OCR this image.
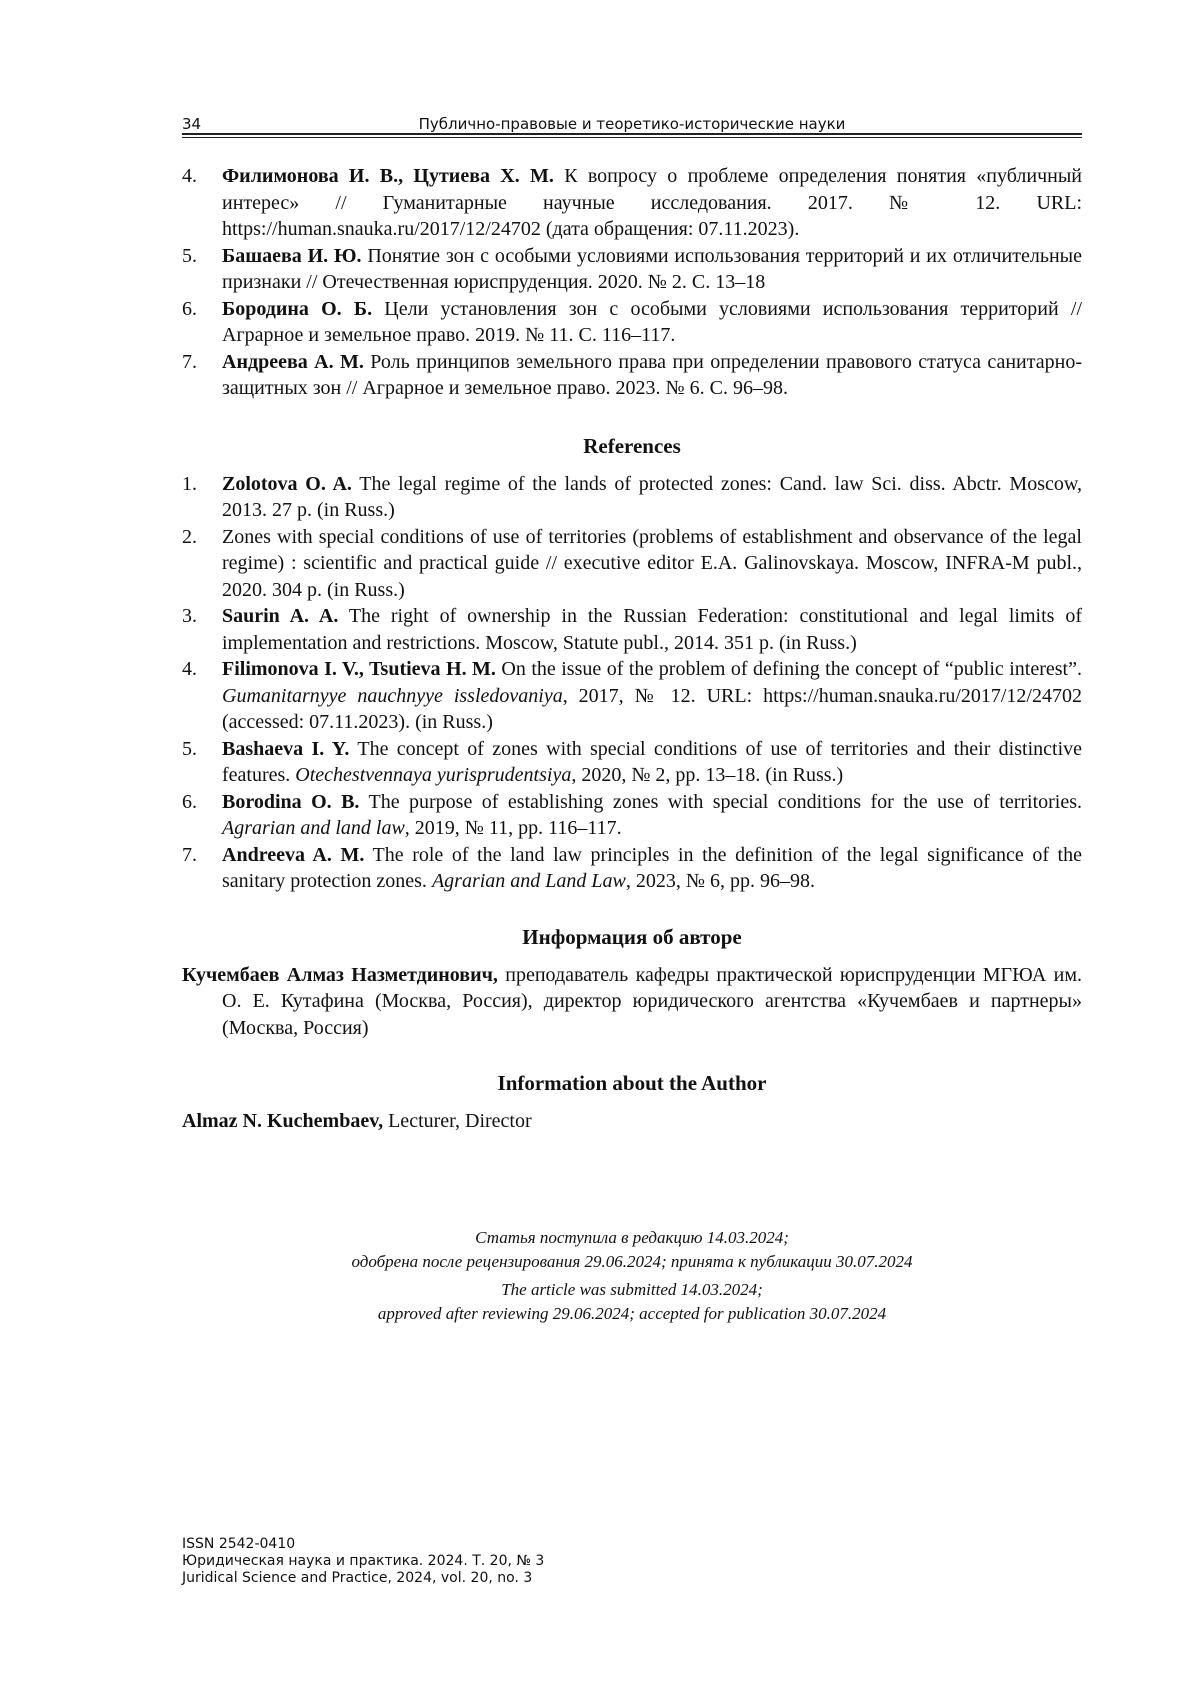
34	Публично-правовые и теоретико-исторические науки
4. Филимонова И. В., Цутиева Х. М. К вопросу о проблеме определения понятия «публичный интерес» // Гуманитарные научные исследования. 2017. № 12. URL: https://human.snauka.ru/2017/12/24702 (дата обращения: 07.11.2023).
5. Башаева И. Ю. Понятие зон с особыми условиями использования территорий и их отличительные признаки // Отечественная юриспруденция. 2020. № 2. С. 13–18
6. Бородина О. Б. Цели установления зон с особыми условиями использования территорий // Аграрное и земельное право. 2019. № 11. С. 116–117.
7. Андреева А. М. Роль принципов земельного права при определении правового статуса санитарно-защитных зон // Аграрное и земельное право. 2023. № 6. С. 96–98.
References
1. Zolotova O. A. The legal regime of the lands of protected zones: Cand. law Sci. diss. Abctr. Moscow, 2013. 27 p. (in Russ.)
2. Zones with special conditions of use of territories (problems of establishment and observance of the legal regime) : scientific and practical guide // executive editor E.A. Galinovskaya. Moscow, INFRA-M publ., 2020. 304 p. (in Russ.)
3. Saurin A. A. The right of ownership in the Russian Federation: constitutional and legal limits of implementation and restrictions. Moscow, Statute publ., 2014. 351 p. (in Russ.)
4. Filimonova I. V., Tsutieva H. M. On the issue of the problem of defining the concept of “public interest”. Gumanitarnyye nauchnyye issledovaniya, 2017, № 12. URL: https://human.snauka.ru/2017/12/24702 (accessed: 07.11.2023). (in Russ.)
5. Bashaeva I. Y. The concept of zones with special conditions of use of territories and their distinctive features. Otechestvennaya yurisprudentsiya, 2020, № 2, pp. 13–18. (in Russ.)
6. Borodina O. B. The purpose of establishing zones with special conditions for the use of territories. Agrarian and land law, 2019, № 11, pp. 116–117.
7. Andreeva A. M. The role of the land law principles in the definition of the legal significance of the sanitary protection zones. Agrarian and Land Law, 2023, № 6, pp. 96–98.
Информация об авторе

Кучембаев Алмаз Назметдинович, преподаватель кафедры практической юриспруденции МГЮА им. О. Е. Кутафина (Москва, Россия), директор юридического агентства «Кучембаев и партнеры» (Москва, Россия)

Information about the Author

Almaz N. Kuchembaev, Lecturer, Director

Статья поступила в редакцию 14.03.2024;
одобрена после рецензирования 29.06.2024; принята к публикации 30.07.2024
The article was submitted 14.03.2024;
approved after reviewing 29.06.2024; accepted for publication 30.07.2024
ISSN 2542-0410
Юридическая наука и практика. 2024. Т. 20, № 3
Juridical Science and Practice, 2024, vol. 20, no. 3
